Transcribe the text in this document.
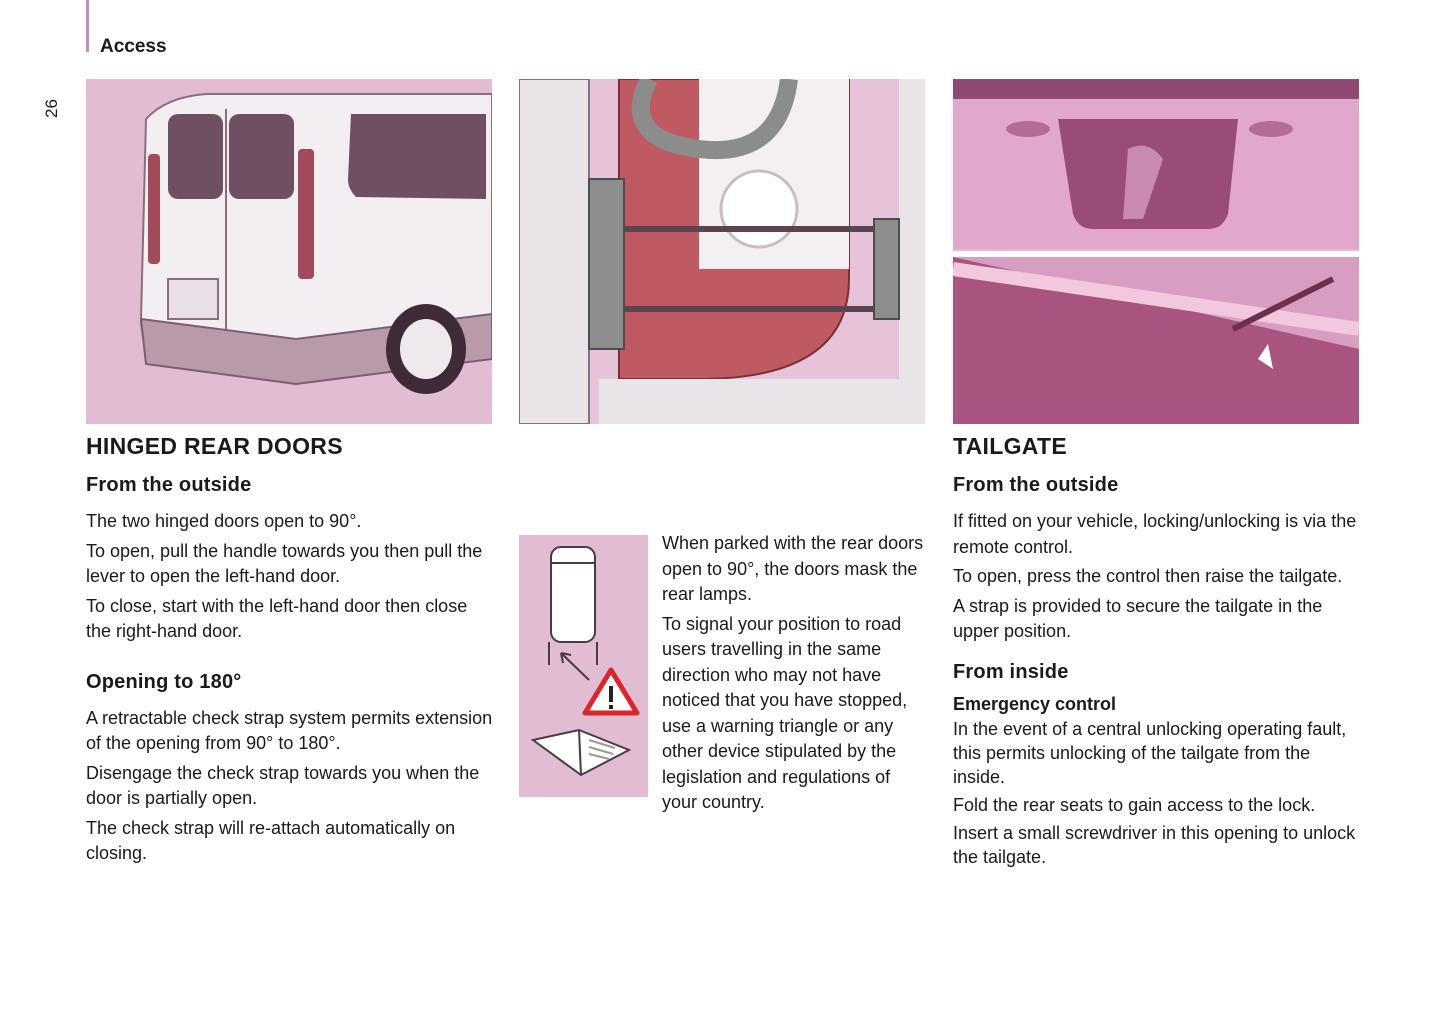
Access
26
HINGED REAR DOORS
From the outside

The two hinged doors open to 90°.

To open, pull the handle towards you then pull the lever to open the left-hand door.

To close, start with the left-hand door then close the right-hand door.

Opening to 180°

A retractable check strap system permits extension of the opening from 90° to 180°.

Disengage the check strap towards you when the door is partially open.

The check strap will re-attach automatically on closing.

When parked with the rear doors open to 90°, the doors mask the rear lamps.

To signal your position to road users travelling in the same direction who may not have noticed that you have stopped, use a warning triangle or any other device stipulated by the legislation and regulations of your country.

TAILGATE
From the outside

If fitted on your vehicle, locking/unlocking is via the remote control.

To open, press the control then raise the tailgate.

A strap is provided to secure the tailgate in the upper position.

From inside
Emergency control

In the event of a central unlocking operating fault, this permits unlocking of the tailgate from the inside.

Fold the rear seats to gain access to the lock.

Insert a small screwdriver in this opening to unlock the tailgate.
